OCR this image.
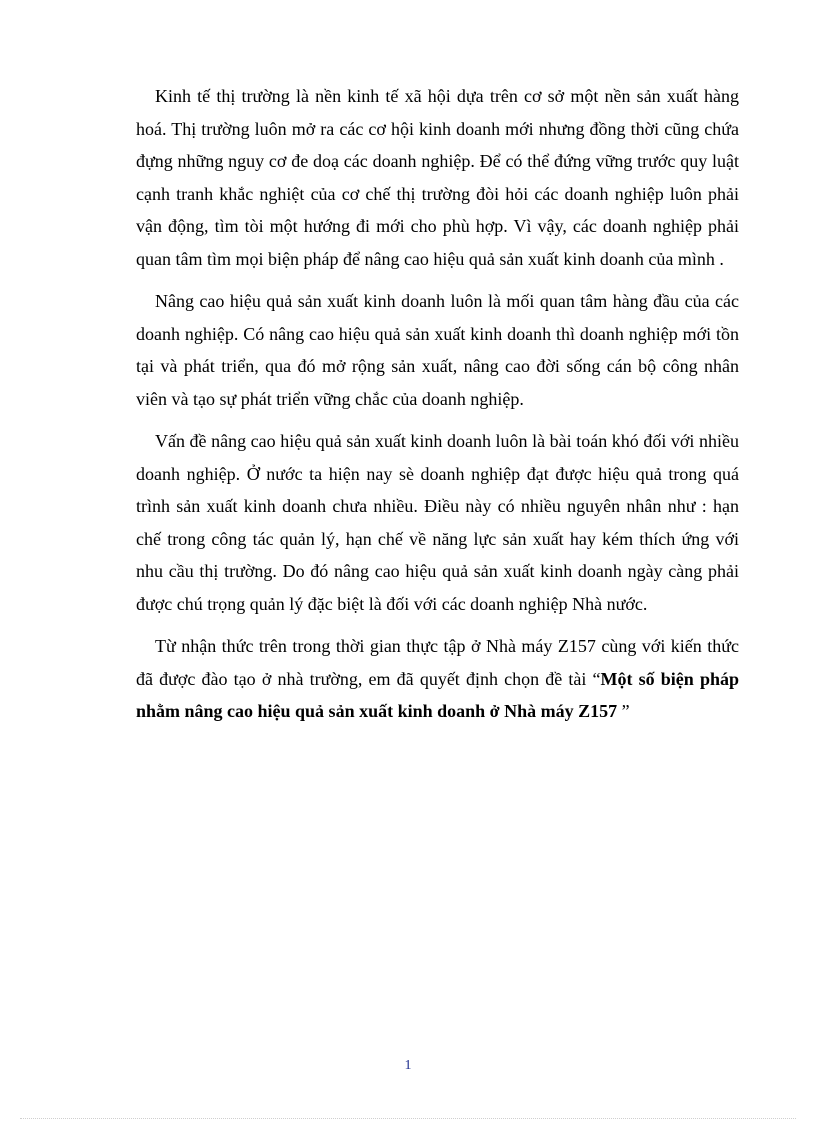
Kinh tế thị trường là nền kinh tế xã hội dựa trên cơ sở một nền sản xuất hàng hoá. Thị trường luôn mở ra các cơ hội kinh doanh mới nhưng đồng thời cũng chứa đựng những nguy cơ đe doạ các doanh nghiệp. Để có thể đứng vững trước quy luật cạnh tranh khắc nghiệt của cơ chế thị trường đòi hỏi các doanh nghiệp luôn phải vận động, tìm tòi một hướng đi mới cho phù hợp. Vì vậy, các doanh nghiệp phải quan tâm tìm mọi biện pháp để nâng cao hiệu quả sản xuất kinh doanh của mình .

Nâng cao hiệu quả sản xuất kinh doanh luôn là mối quan tâm hàng đầu của các doanh nghiệp. Có nâng cao hiệu quả sản xuất kinh doanh thì doanh nghiệp mới tồn tại và phát triển, qua đó mở rộng sản xuất, nâng cao đời sống cán bộ công nhân viên và tạo sự phát triển vững chắc của doanh nghiệp.

Vấn đề nâng cao hiệu quả sản xuất kinh doanh luôn là bài toán khó đối với nhiều doanh nghiệp. Ở nước ta hiện nay sè doanh nghiệp đạt được hiệu quả trong quá trình sản xuất kinh doanh chưa nhiều. Điều này có nhiều nguyên nhân như : hạn chế trong công tác quản lý, hạn chế về năng lực sản xuất hay kém thích ứng với nhu cầu thị trường. Do đó nâng cao hiệu quả sản xuất kinh doanh ngày càng phải được chú trọng quản lý đặc biệt là đối với các doanh nghiệp Nhà nước.

Từ nhận thức trên trong thời gian thực tập ở Nhà máy Z157 cùng với kiến thức đã được đào tạo ở nhà trường, em đã quyết định chọn đề tài “Một số biện pháp nhằm nâng cao hiệu quả sản xuất kinh doanh ở Nhà máy Z157 ”

1
